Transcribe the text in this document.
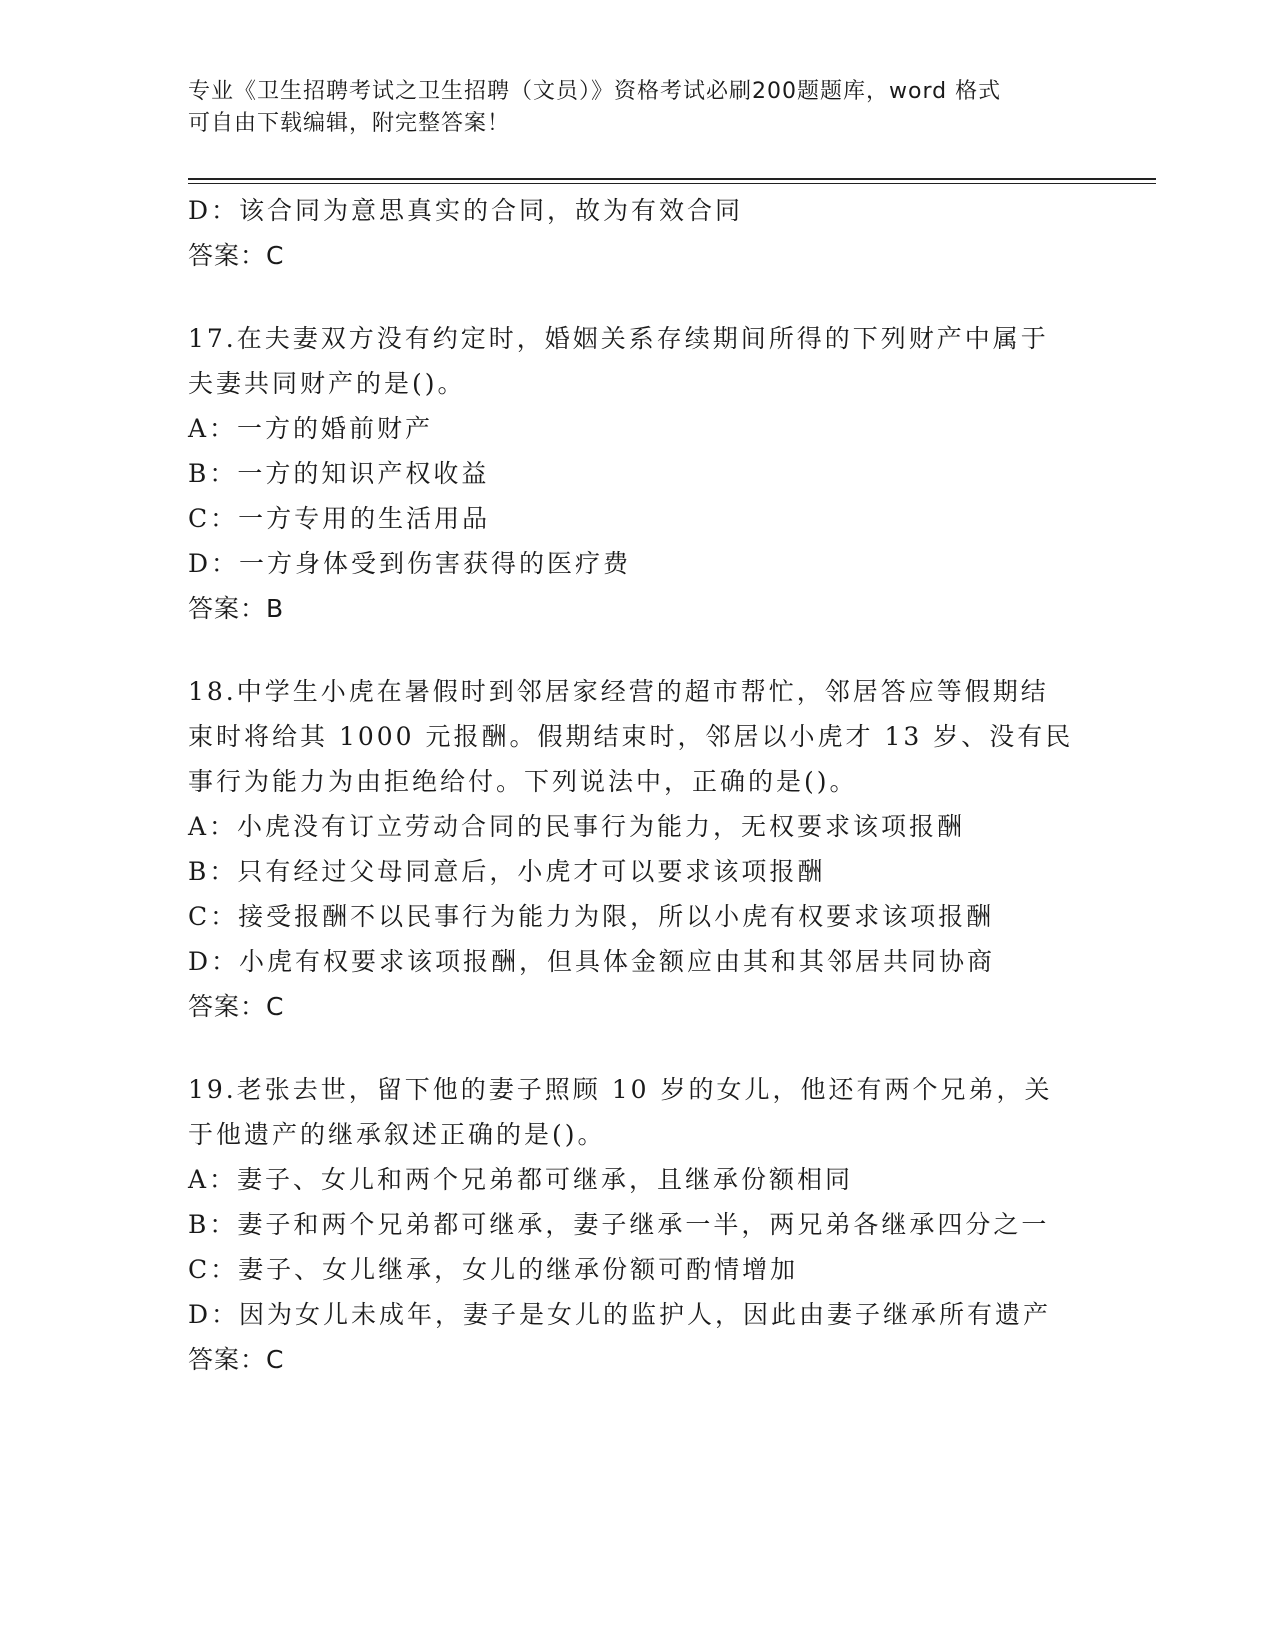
专业《卫生招聘考试之卫生招聘（文员）》资格考试必刷200题题库，word 格式
可自由下载编辑，附完整答案！
D：该合同为意思真实的合同，故为有效合同
答案：C
17.在夫妻双方没有约定时，婚姻关系存续期间所得的下列财产中属于
夫妻共同财产的是()。
A：一方的婚前财产
B：一方的知识产权收益
C：一方专用的生活用品
D：一方身体受到伤害获得的医疗费
答案：B
18.中学生小虎在暑假时到邻居家经营的超市帮忙，邻居答应等假期结
束时将给其 1000 元报酬。假期结束时，邻居以小虎才 13 岁、没有民
事行为能力为由拒绝给付。下列说法中，正确的是()。
A：小虎没有订立劳动合同的民事行为能力，无权要求该项报酬
B：只有经过父母同意后，小虎才可以要求该项报酬
C：接受报酬不以民事行为能力为限，所以小虎有权要求该项报酬
D：小虎有权要求该项报酬，但具体金额应由其和其邻居共同协商
答案：C
19.老张去世，留下他的妻子照顾 10 岁的女儿，他还有两个兄弟，关
于他遗产的继承叙述正确的是()。
A：妻子、女儿和两个兄弟都可继承，且继承份额相同
B：妻子和两个兄弟都可继承，妻子继承一半，两兄弟各继承四分之一
C：妻子、女儿继承，女儿的继承份额可酌情增加
D：因为女儿未成年，妻子是女儿的监护人，因此由妻子继承所有遗产
答案：C
